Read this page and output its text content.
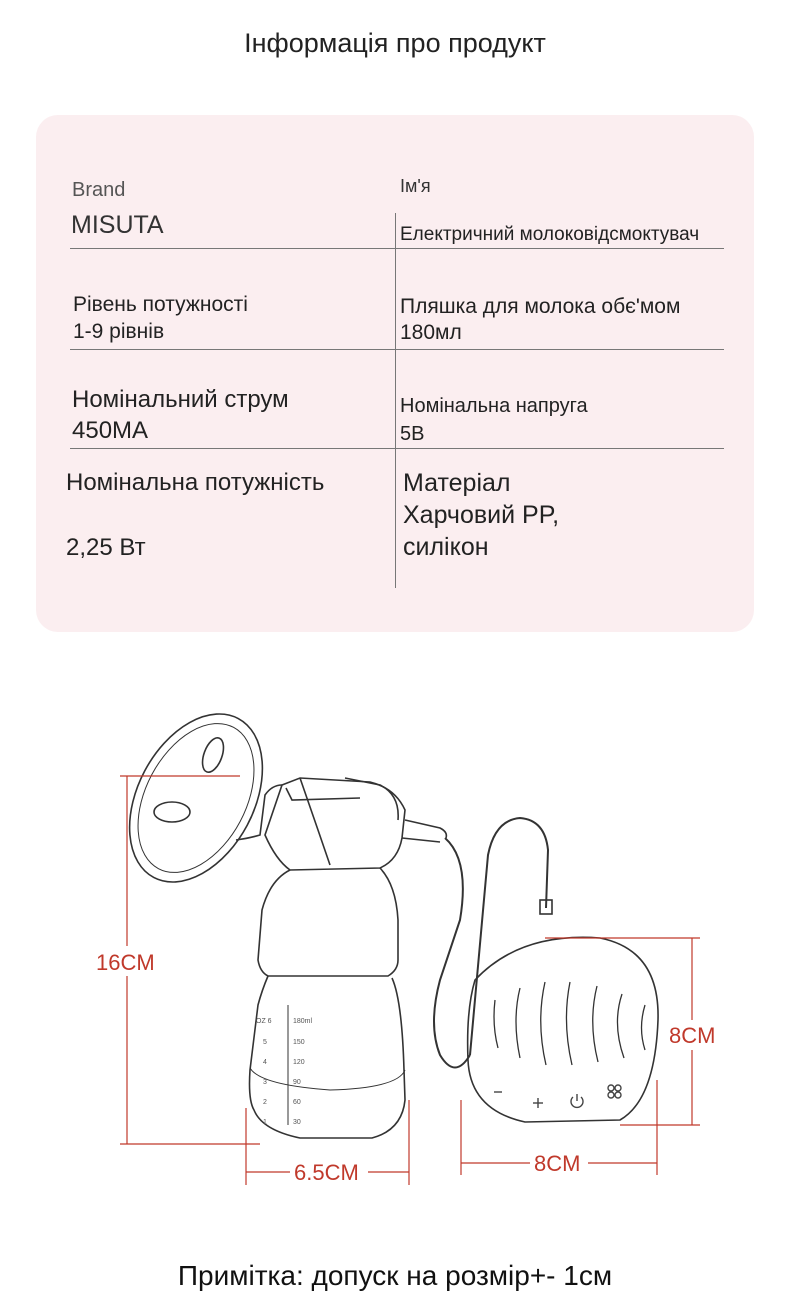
Інформація про продукт
Brand
MISUTA
Ім'я
Електричний молоковідсмоктувач
Рівень потужності
1-9 рівнів
Пляшка для молока обє'мом
180мл
Номінальний струм
450MA
Номінальна напруга
5В
Номінальна потужність
2,25 Вт
Матеріал
Харчовий PP,
силікон
OZ 6
5
4
3
2
1
180ml
150
120
90
60
30
16CM
6.5CM
8CM
8CM
Примітка: допуск на розмір+- 1см
